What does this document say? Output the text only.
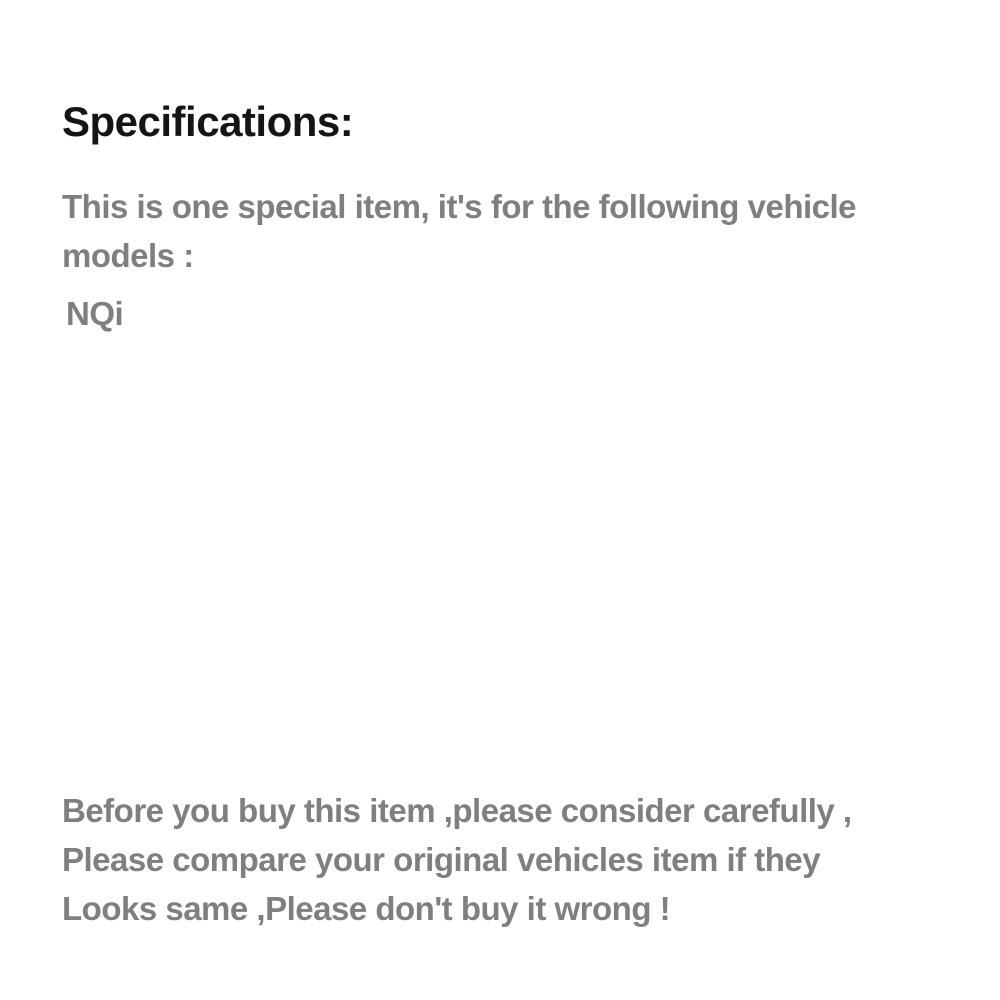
Specifications:
This is one special item, it's for the following vehicle
models :
NQi
Before you buy this item ,please consider carefully ,
Please compare your original vehicles item if they
Looks same ,Please don't buy it wrong !
